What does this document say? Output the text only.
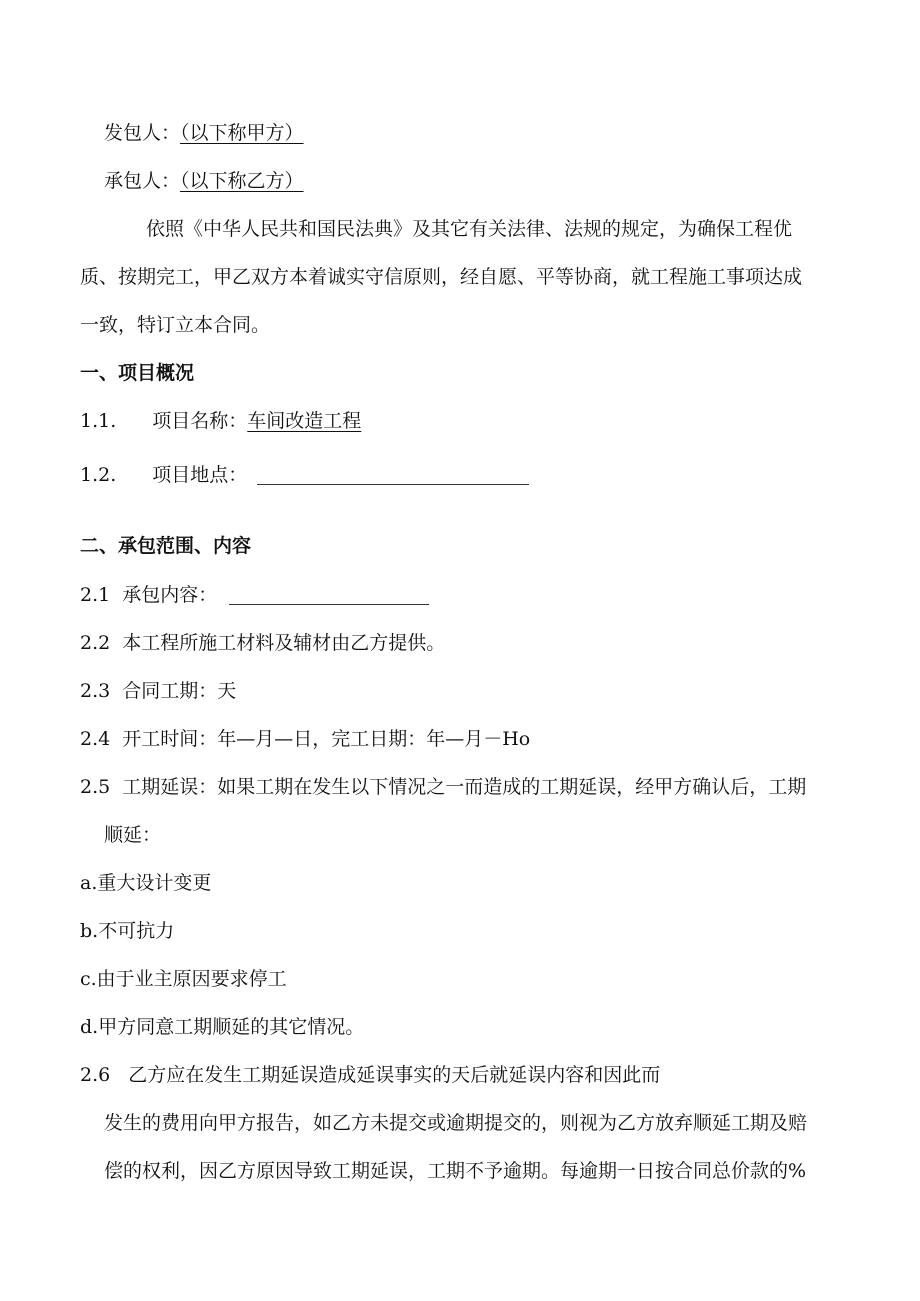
发包人：（以下称甲方）

承包人：（以下称乙方）

依照《中华人民共和国民法典》及其它有关法律、法规的规定，为确保工程优

质、按期完工，甲乙双方本着诚实守信原则，经自愿、平等协商，就工程施工事项达成

一致，特订立本合同。

一、项目概况

1.1. 项目名称：车间改造工程

1.2. 项目地点：

二、承包范围、内容

2.1 承包内容：

2.2 本工程所施工材料及辅材由乙方提供。

2.3 合同工期：天

2.4 开工时间：年—月—日，完工日期：年—月－Ho

2.5 工期延误：如果工期在发生以下情况之一而造成的工期延误，经甲方确认后，工期

顺延：

a.重大设计变更

b.不可抗力

c.由于业主原因要求停工

d.甲方同意工期顺延的其它情况。

2.6 乙方应在发生工期延误造成延误事实的天后就延误内容和因此而

发生的费用向甲方报告，如乙方未提交或逾期提交的，则视为乙方放弃顺延工期及赔

偿的权利，因乙方原因导致工期延误，工期不予逾期。每逾期一日按合同总价款的%
